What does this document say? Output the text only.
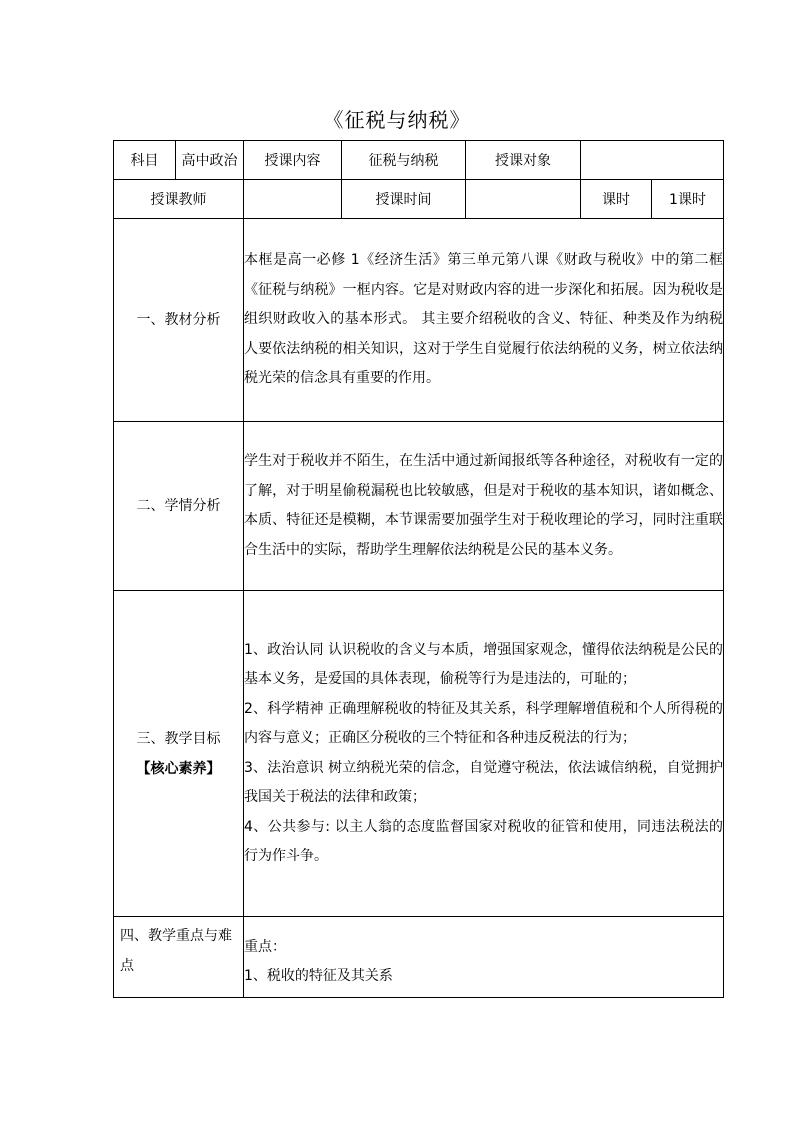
《征税与纳税》
科目	高中政治	授课内容	征税与纳税	授课对象		
授课教师			授课时间		课时	1课时
一、教材分析		本框是高一必修 1《经济生活》第三单元第八课《财政与税收》中的第二框《征税与纳税》一框内容。它是对财政内容的进一步深化和拓展。因为税收是组织财政收入的基本形式。 其主要介绍税收的含义、特征、种类及作为纳税人要依法纳税的相关知识，这对于学生自觉履行依法纳税的义务，树立依法纳税光荣的信念具有重要的作用。				
二、学情分析		学生对于税收并不陌生，在生活中通过新闻报纸等各种途径，对税收有一定的了解，对于明星偷税漏税也比较敏感，但是对于税收的基本知识，诸如概念、本质、特征还是模糊，本节课需要加强学生对于税收理论的学习，同时注重联合生活中的实际，帮助学生理解依法纳税是公民的基本义务。				

三、教学目标
【核心素养】		1、政治认同 认识税收的含义与本质，增强国家观念，懂得依法纳税是公民的基本义务，是爱国的具体表现，偷税等行为是违法的，可耻的；
2、科学精神 正确理解税收的特征及其关系，科学理解增值税和个人所得税的内容与意义；正确区分税收的三个特征和各种违反税法的行为；
3、法治意识 树立纳税光荣的信念，自觉遵守税法，依法诚信纳税，自觉拥护我国关于税法的法律和政策；
4、公共参与: 以主人翁的态度监督国家对税收的征管和使用，同违法税法的行为作斗争。				

四、教学重点与难点		重点：
1、税收的特征及其关系				
